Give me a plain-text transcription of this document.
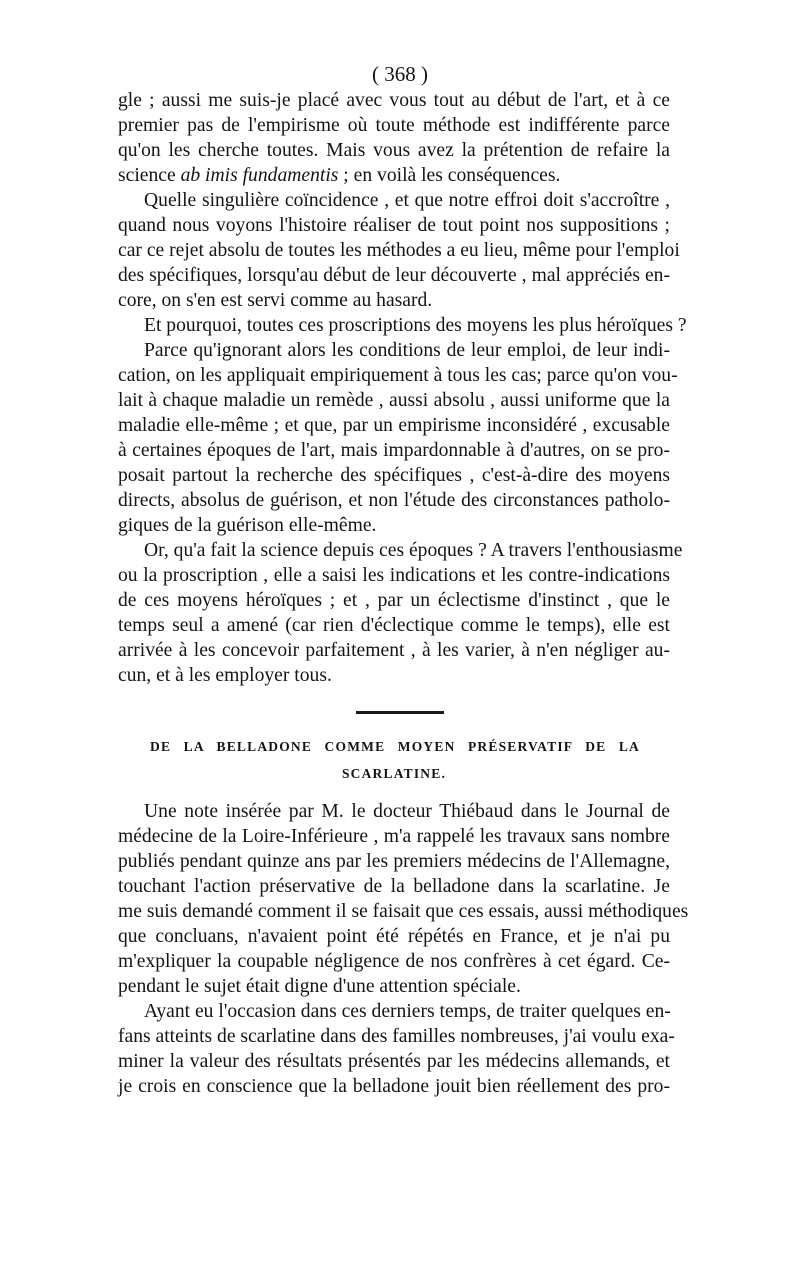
( 368 )
gle ; aussi me suis-je placé avec vous tout au début de l'art, et à ce
premier pas de l'empirisme où toute méthode est indifférente parce
qu'on les cherche toutes. Mais vous avez la prétention de refaire la
science ab imis fundamentis ; en voilà les conséquences.
Quelle singulière coïncidence , et que notre effroi doit s'accroître ,
quand nous voyons l'histoire réaliser de tout point nos suppositions ;
car ce rejet absolu de toutes les méthodes a eu lieu, même pour l'emploi
des spécifiques, lorsqu'au début de leur découverte , mal appréciés en-
core, on s'en est servi comme au hasard.
Et pourquoi, toutes ces proscriptions des moyens les plus héroïques ?
Parce qu'ignorant alors les conditions de leur emploi, de leur indi-
cation, on les appliquait empiriquement à tous les cas; parce qu'on vou-
lait à chaque maladie un remède , aussi absolu , aussi uniforme que la
maladie elle-même ; et que, par un empirisme inconsidéré , excusable
à certaines époques de l'art, mais impardonnable à d'autres, on se pro-
posait partout la recherche des spécifiques , c'est-à-dire des moyens
directs, absolus de guérison, et non l'étude des circonstances patholo-
giques de la guérison elle-même.
Or, qu'a fait la science depuis ces époques ? A travers l'enthousiasme
ou la proscription , elle a saisi les indications et les contre-indications
de ces moyens héroïques ; et , par un éclectisme d'instinct , que le
temps seul a amené (car rien d'éclectique comme le temps), elle est
arrivée à les concevoir parfaitement , à les varier, à n'en négliger au-
cun, et à les employer tous.
DE LA BELLADONE COMME MOYEN PRÉSERVATIF DE LA
SCARLATINE.
Une note insérée par M. le docteur Thiébaud dans le Journal de
médecine de la Loire-Inférieure , m'a rappelé les travaux sans nombre
publiés pendant quinze ans par les premiers médecins de l'Allemagne,
touchant l'action préservative de la belladone dans la scarlatine. Je
me suis demandé comment il se faisait que ces essais, aussi méthodiques
que concluans, n'avaient point été répétés en France, et je n'ai pu
m'expliquer la coupable négligence de nos confrères à cet égard. Ce-
pendant le sujet était digne d'une attention spéciale.
Ayant eu l'occasion dans ces derniers temps, de traiter quelques en-
fans atteints de scarlatine dans des familles nombreuses, j'ai voulu exa-
miner la valeur des résultats présentés par les médecins allemands, et
je crois en conscience que la belladone jouit bien réellement des pro-
